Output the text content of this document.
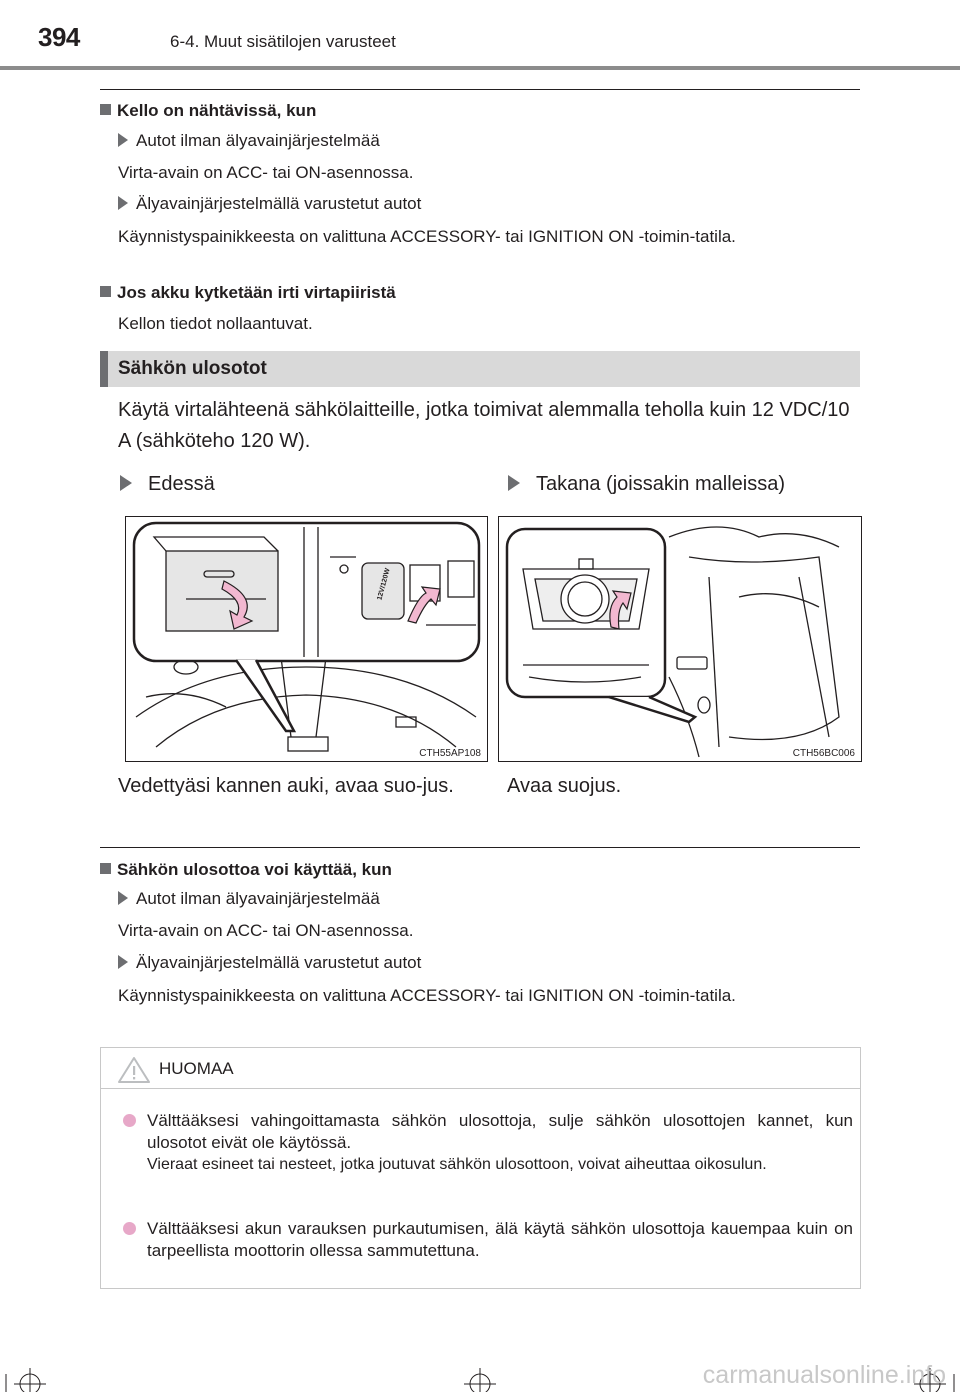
394	6-4. Muut sisätilojen varusteet
Kello on nähtävissä, kun
Autot ilman älyavainjärjestelmää
Virta-avain on ACC- tai ON-asennossa.
Älyavainjärjestelmällä varustetut autot
Käynnistyspainikkeesta on valittuna ACCESSORY- tai IGNITION ON -toimin-tatila.
Jos akku kytketään irti virtapiiristä
Kellon tiedot nollaantuvat.
Sähkön ulosotot
Käytä virtalähteenä sähkölaitteille, jotka toimivat alemmalla teholla kuin 12 VDC/10 A (sähköteho 120 W).
Edessä	Takana (joissakin malleissa)
12V/120W
CTH55AP108	CTH56BC006
Vedettyäsi kannen auki, avaa suo-jus.	Avaa suojus.
Sähkön ulosottoa voi käyttää, kun
Autot ilman älyavainjärjestelmää
Virta-avain on ACC- tai ON-asennossa.
Älyavainjärjestelmällä varustetut autot
Käynnistyspainikkeesta on valittuna ACCESSORY- tai IGNITION ON -toimin-tatila.
HUOMAA
Välttääksesi vahingoittamasta sähkön ulosottoja, sulje sähkön ulosottojen kannet, kun ulosotot eivät ole käytössä.
Vieraat esineet tai nesteet, jotka joutuvat sähkön ulosottoon, voivat aiheuttaa oikosulun.
Välttääksesi akun varauksen purkautumisen, älä käytä sähkön ulosottoja kauempaa kuin on tarpeellista moottorin ollessa sammutettuna.
carmanualsonline.info
